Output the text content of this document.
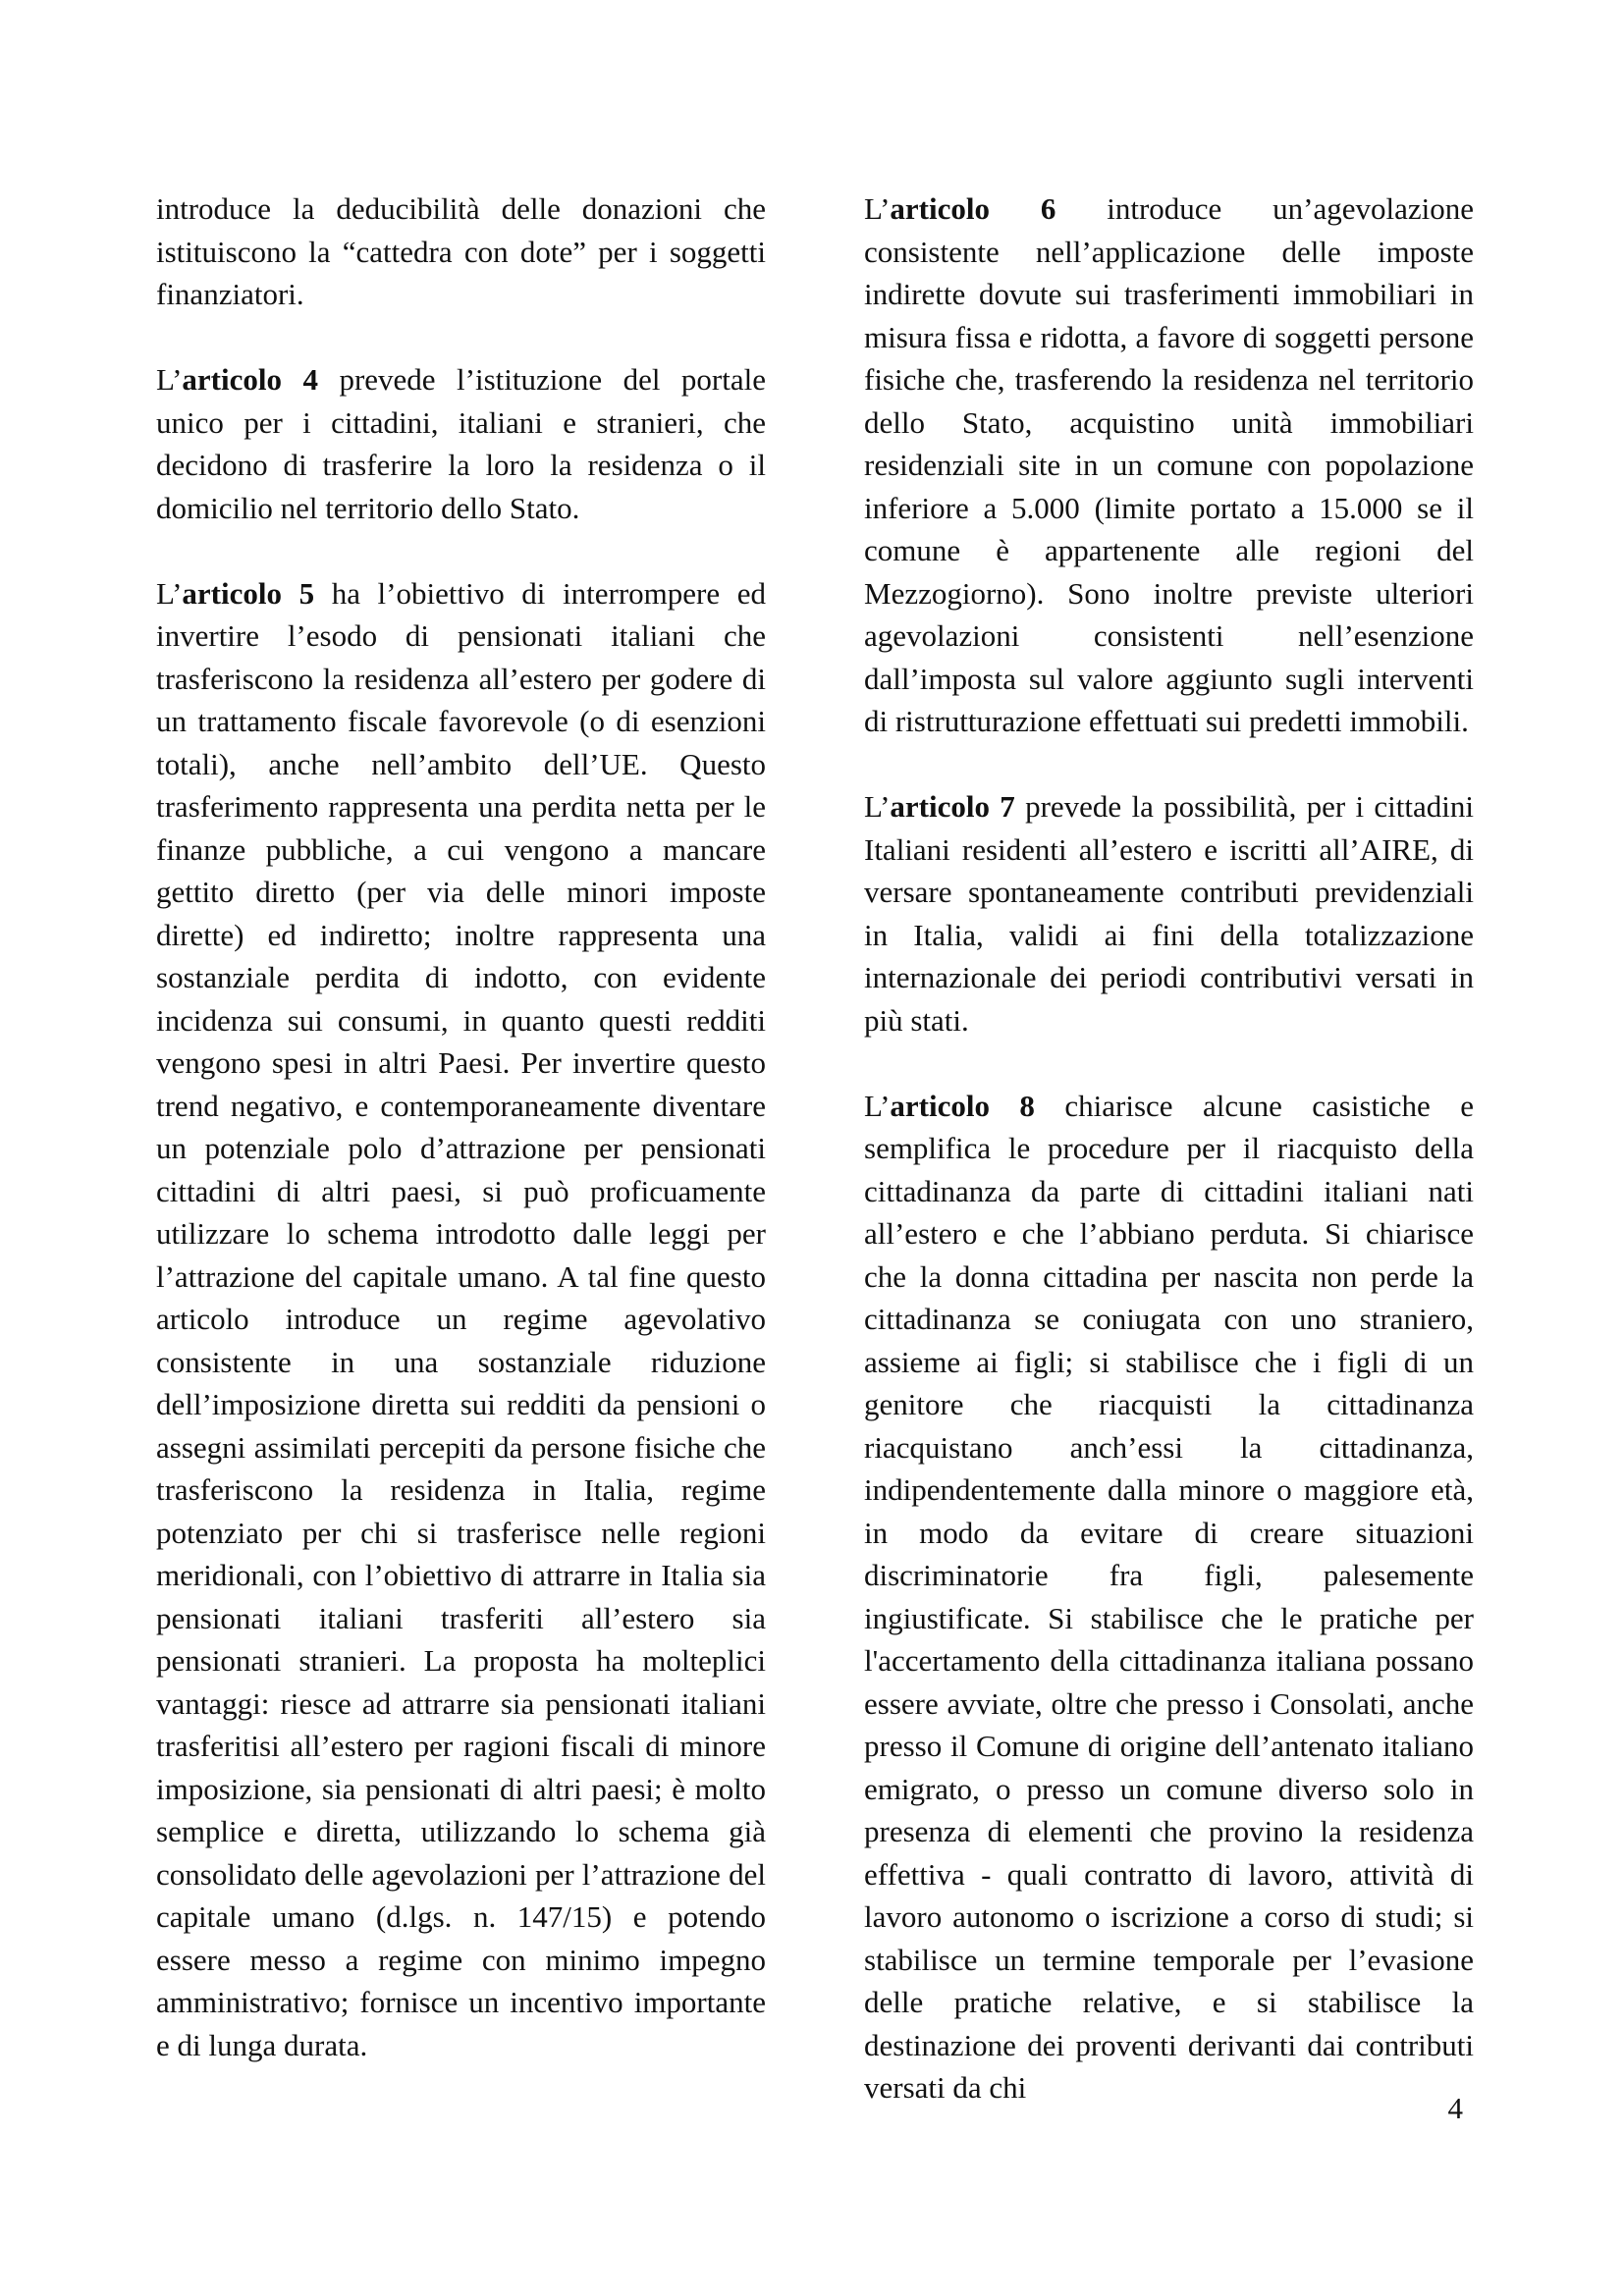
introduce la deducibilità delle donazioni che istituiscono la “cattedra con dote” per i soggetti finanziatori.

L’articolo 4 prevede l’istituzione del portale unico per i cittadini, italiani e stranieri, che decidono di trasferire la loro la residenza o il domicilio nel territorio dello Stato.

L’articolo 5 ha l’obiettivo di interrompere ed invertire l’esodo di pensionati italiani che trasferiscono la residenza all’estero per godere di un trattamento fiscale favorevole (o di esenzioni totali), anche nell’ambito dell’UE. Questo trasferimento rappresenta una perdita netta per le finanze pubbliche, a cui vengono a mancare gettito diretto (per via delle minori imposte dirette) ed indiretto; inoltre rappresenta una sostanziale perdita di indotto, con evidente incidenza sui consumi, in quanto questi redditi vengono spesi in altri Paesi. Per invertire questo trend negativo, e contemporaneamente diventare un potenziale polo d’attrazione per pensionati cittadini di altri paesi, si può proficuamente utilizzare lo schema introdotto dalle leggi per l’attrazione del capitale umano. A tal fine questo articolo introduce un regime agevolativo consistente in una sostanziale riduzione dell’imposizione diretta sui redditi da pensioni o assegni assimilati percepiti da persone fisiche che trasferiscono la residenza in Italia, regime potenziato per chi si trasferisce nelle regioni meridionali, con l’obiettivo di attrarre in Italia sia pensionati italiani trasferiti all’estero sia pensionati stranieri. La proposta ha molteplici vantaggi: riesce ad attrarre sia pensionati italiani trasferitisi all’estero per ragioni fiscali di minore imposizione, sia pensionati di altri paesi; è molto semplice e diretta, utilizzando lo schema già consolidato delle agevolazioni per l’attrazione del capitale umano (d.lgs. n. 147/15) e potendo essere messo a regime con minimo impegno amministrativo; fornisce un incentivo importante e di lunga durata.

L’articolo 6 introduce un’agevolazione consistente nell’applicazione delle imposte indirette dovute sui trasferimenti immobiliari in misura fissa e ridotta, a favore di soggetti persone fisiche che, trasferendo la residenza nel territorio dello Stato, acquistino unità immobiliari residenziali site in un comune con popolazione inferiore a 5.000 (limite portato a 15.000 se il comune è appartenente alle regioni del Mezzogiorno). Sono inoltre previste ulteriori agevolazioni consistenti nell’esenzione dall’imposta sul valore aggiunto sugli interventi di ristrutturazione effettuati sui predetti immobili.

L’articolo 7 prevede la possibilità, per i cittadini Italiani residenti all’estero e iscritti all’AIRE, di versare spontaneamente contributi previdenziali in Italia, validi ai fini della totalizzazione internazionale dei periodi contributivi versati in più stati.

L’articolo 8 chiarisce alcune casistiche e semplifica le procedure per il riacquisto della cittadinanza da parte di cittadini italiani nati all’estero e che l’abbiano perduta. Si chiarisce che la donna cittadina per nascita non perde la cittadinanza se coniugata con uno straniero, assieme ai figli; si stabilisce che i figli di un genitore che riacquisti la cittadinanza riacquistano anch’essi la cittadinanza, indipendentemente dalla minore o maggiore età, in modo da evitare di creare situazioni discriminatorie fra figli, palesemente ingiustificate. Si stabilisce che le pratiche per l'accertamento della cittadinanza italiana possano essere avviate, oltre che presso i Consolati, anche presso il Comune di origine dell’antenato italiano emigrato, o presso un comune diverso solo in presenza di elementi che provino la residenza effettiva - quali contratto di lavoro, attività di lavoro autonomo o iscrizione a corso di studi; si stabilisce un termine temporale per l’evasione delle pratiche relative, e si stabilisce la destinazione dei proventi derivanti dai contributi versati da chi

4
